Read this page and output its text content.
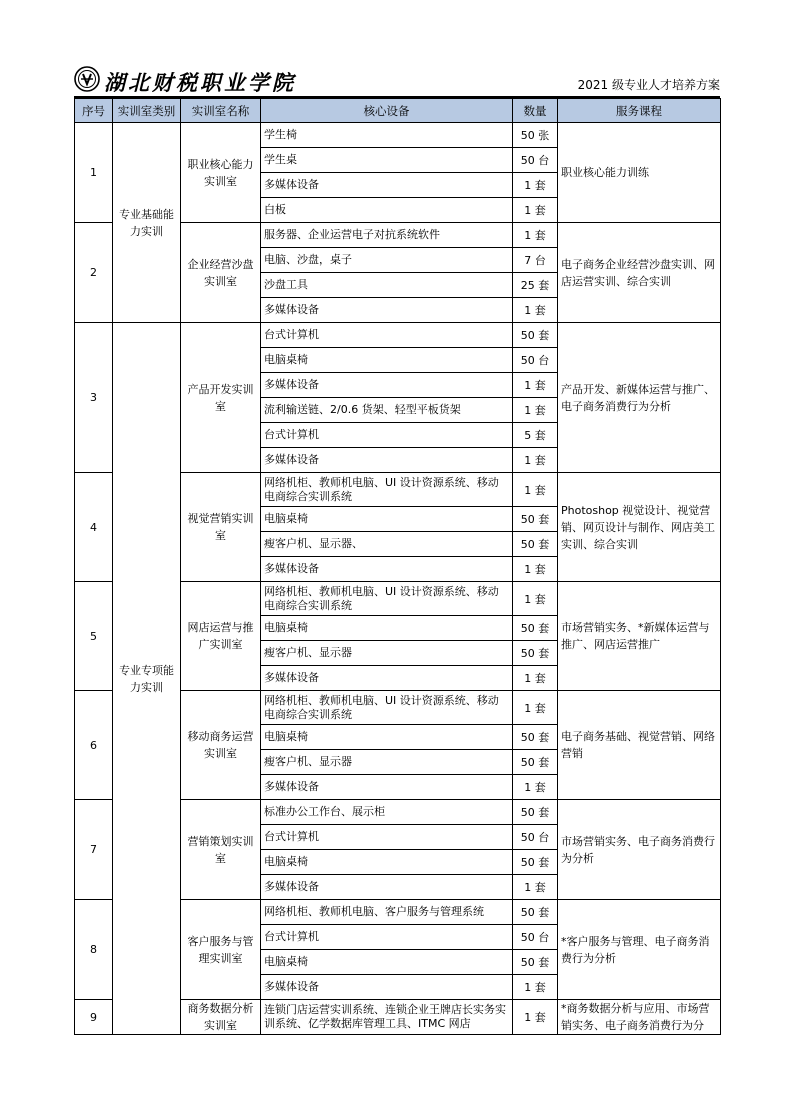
湖北财税职业学院	2021 级专业人才培养方案
序号	实训室类别	实训室名称	核心设备	数量	服务课程
1	专业基础能力实训	职业核心能力实训室	学生椅	50 张	职业核心能力训练
			学生桌	50 台	
			多媒体设备	1 套	
			白板	1 套	
2		企业经营沙盘实训室	服务器、企业运营电子对抗系统软件	1 套	电子商务企业经营沙盘实训、网店运营实训、综合实训
			电脑、沙盘，桌子	7 台	
			沙盘工具	25 套	
			多媒体设备	1 套	
3	专业专项能力实训	产品开发实训室	台式计算机	50 套	产品开发、新媒体运营与推广、电子商务消费行为分析
			电脑桌椅	50 台	
			多媒体设备	1 套	
			流利输送链、2/0.6 货架、轻型平板货架	1 套	
			台式计算机	5 套	
			多媒体设备	1 套	
4		视觉营销实训室	网络机柜、教师机电脑、UI 设计资源系统、移动电商综合实训系统	1 套	Photoshop 视觉设计、视觉营销、网页设计与制作、网店美工实训、综合实训
			电脑桌椅	50 套	
			瘦客户机、显示器、	50 套	
			多媒体设备	1 套	
5		网店运营与推广实训室	网络机柜、教师机电脑、UI 设计资源系统、移动电商综合实训系统	1 套	市场营销实务、*新媒体运营与推广、网店运营推广
			电脑桌椅	50 套	
			瘦客户机、显示器	50 套	
			多媒体设备	1 套	
6		移动商务运营实训室	网络机柜、教师机电脑、UI 设计资源系统、移动电商综合实训系统	1 套	电子商务基础、视觉营销、网络营销
			电脑桌椅	50 套	
			瘦客户机、显示器	50 套	
			多媒体设备	1 套	
7		营销策划实训室	标准办公工作台、展示柜	50 套	市场营销实务、电子商务消费行为分析
			台式计算机	50 台	
			电脑桌椅	50 套	
			多媒体设备	1 套	
8		客户服务与管理实训室	网络机柜、教师机电脑、客户服务与管理系统	50 套	*客户服务与管理、电子商务消费行为分析
			台式计算机	50 台	
			电脑桌椅	50 套	
			多媒体设备	1 套	
9		商务数据分析实训室	连锁门店运营实训系统、连锁企业王牌店长实务实训系统、亿学数据库管理工具、ITMC 网店	1 套	*商务数据分析与应用、市场营销实务、电子商务消费行为分
